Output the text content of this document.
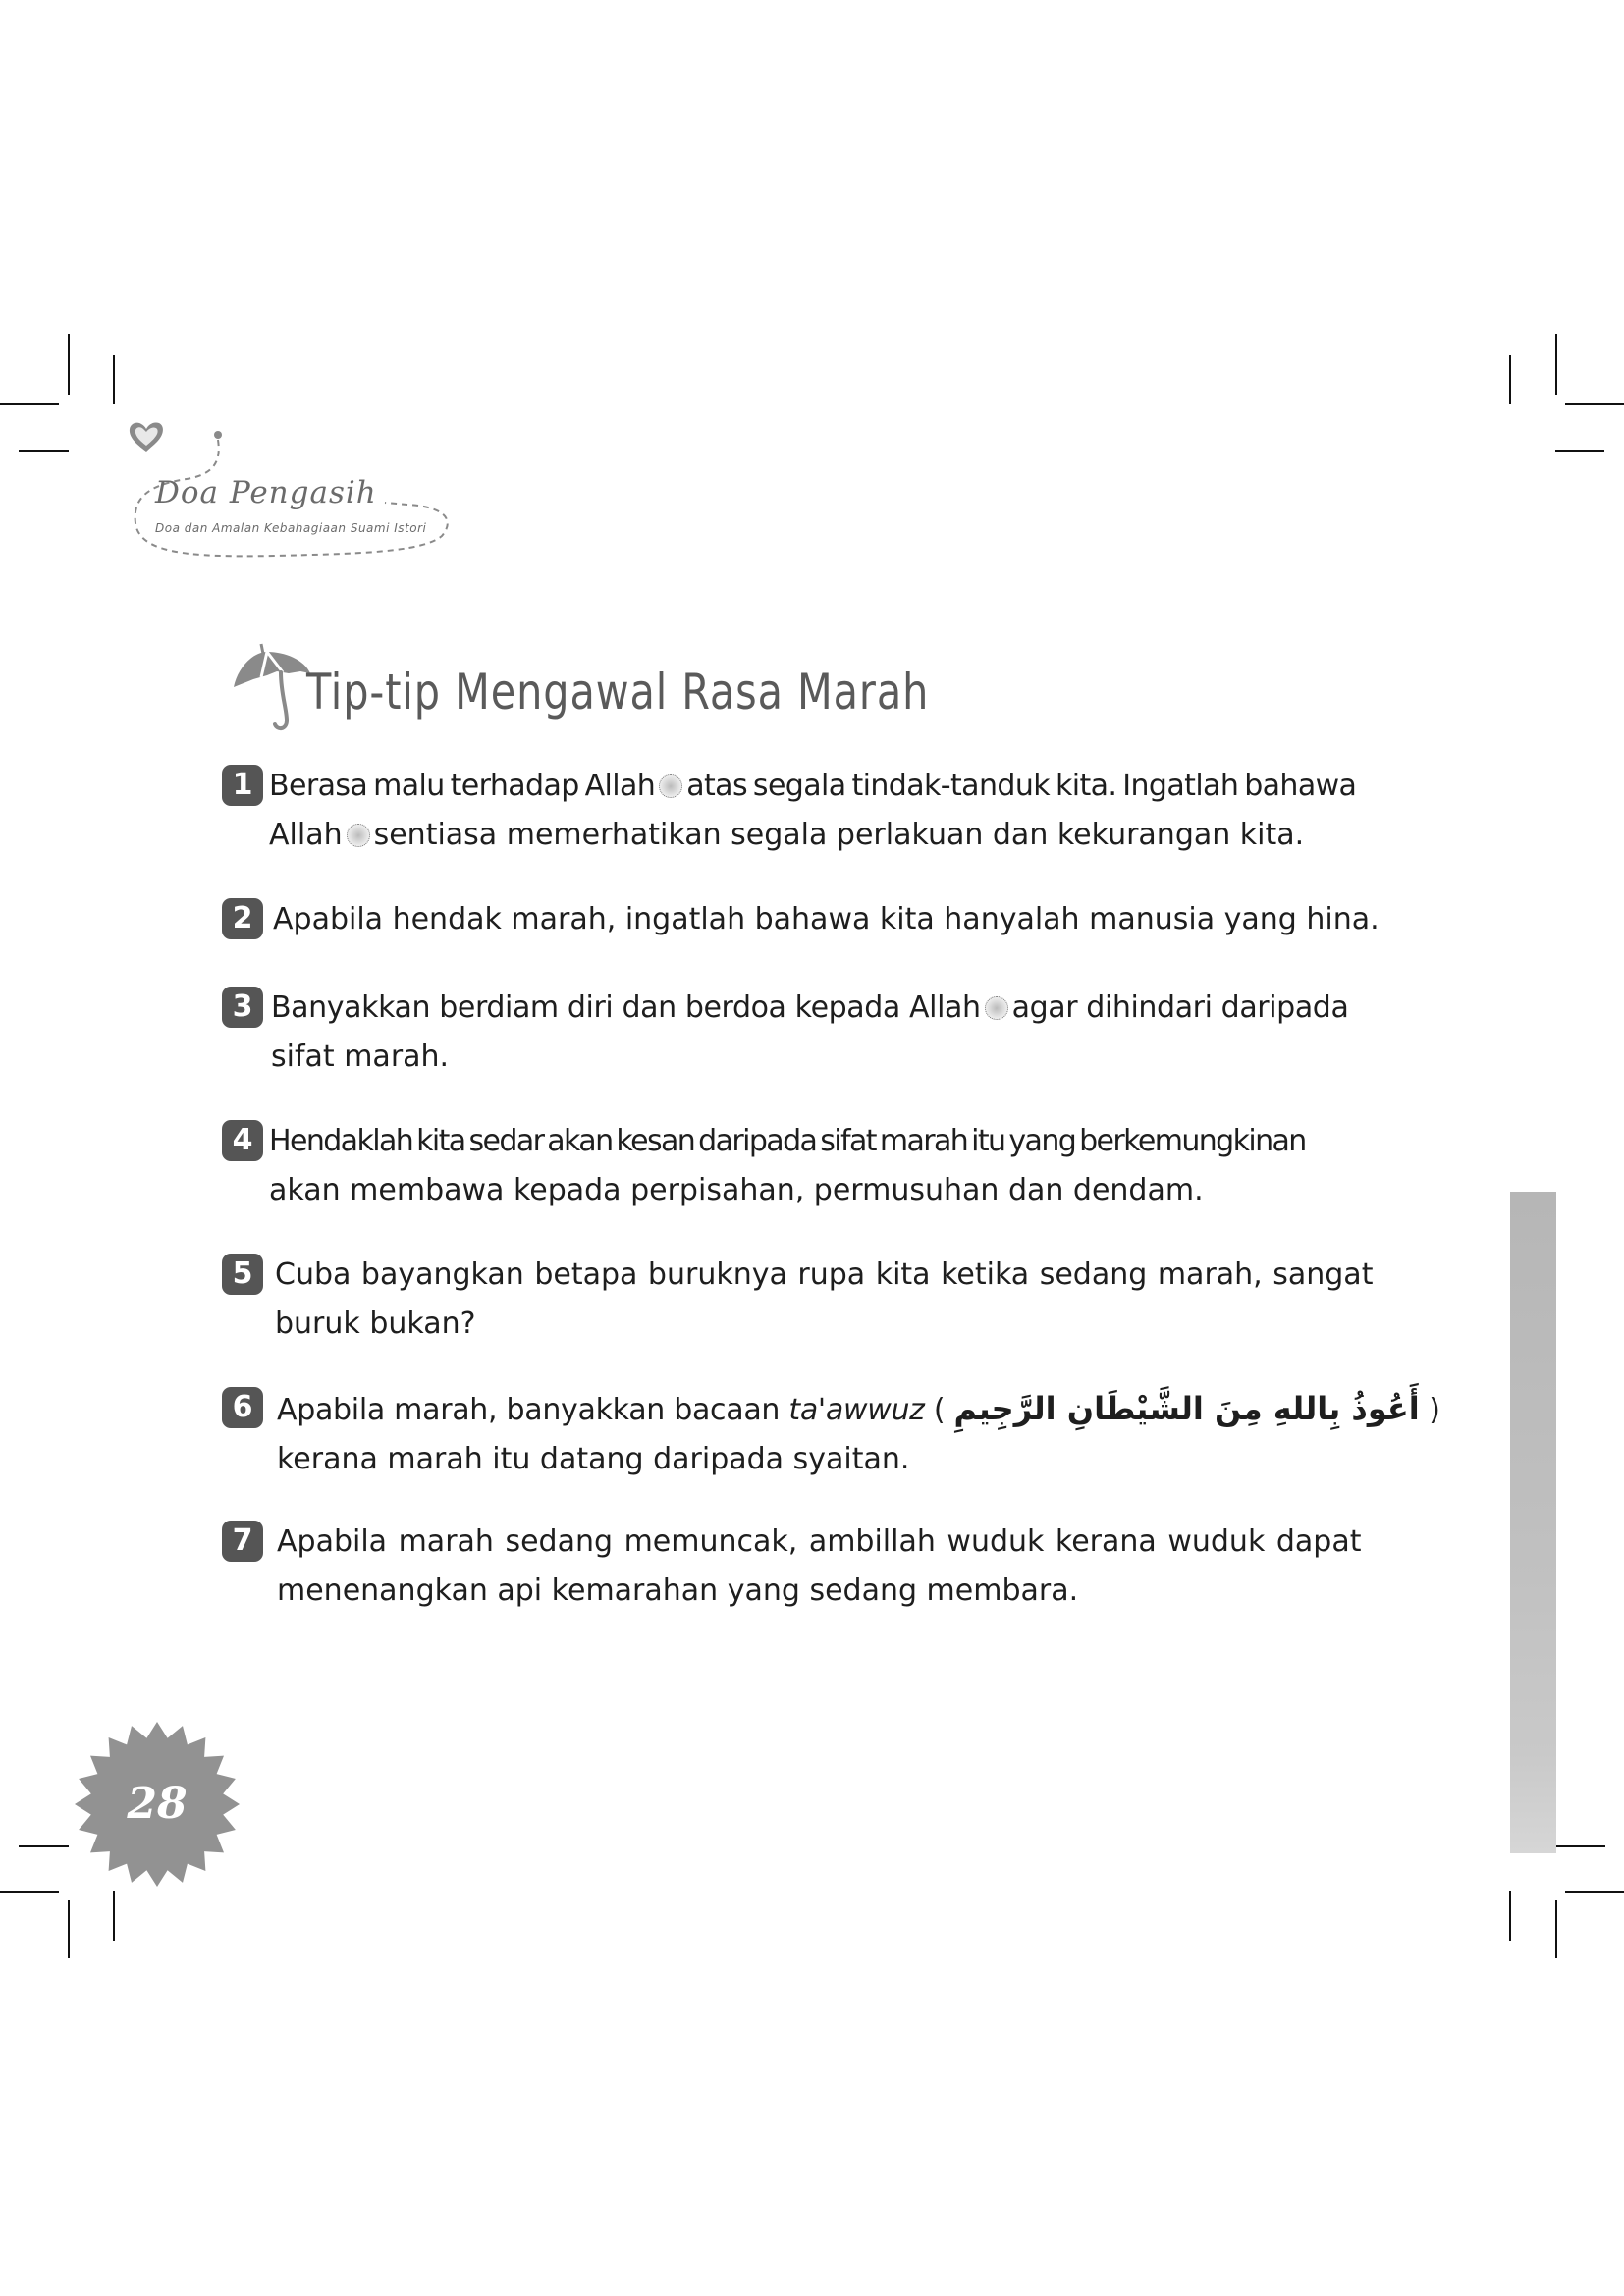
Doa Pengasih
Doa dan Amalan Kebahagiaan Suami Istori
Tip-tip Mengawal Rasa Marah
1 Berasa malu terhadap Allah atas segala tindak-tanduk kita. Ingatlah bahawa
Allah sentiasa memerhatikan segala perlakuan dan kekurangan kita.
2 Apabila hendak marah, ingatlah bahawa kita hanyalah manusia yang hina.
3 Banyakkan berdiam diri dan berdoa kepada Allah agar dihindari daripada
sifat marah.
4 Hendaklah kita sedar akan kesan daripada sifat marah itu yang berkemungkinan
akan membawa kepada perpisahan, permusuhan dan dendam.
5 Cuba bayangkan betapa buruknya rupa kita ketika sedang marah, sangat
buruk bukan?
6 Apabila marah, banyakkan bacaan ta'awwuz ( أَعُوذُ بِاللهِ مِنَ الشَّيْطَانِ الرَّجِيمِ )
kerana marah itu datang daripada syaitan.
7 Apabila marah sedang memuncak, ambillah wuduk kerana wuduk dapat
menenangkan api kemarahan yang sedang membara.
28
